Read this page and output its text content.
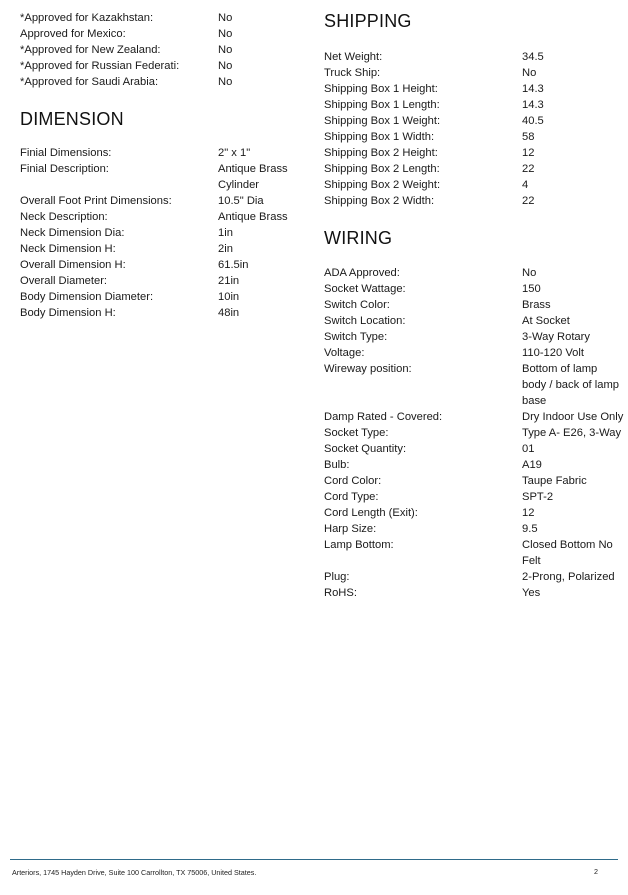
*Approved for Kazakhstan:	No
Approved for Mexico:	No
*Approved for New Zealand:	No
*Approved for Russian Federati:	No
*Approved for Saudi Arabia:	No
DIMENSION
Finial Dimensions:	2" x 1"
Finial Description:	Antique Brass Cylinder
Overall Foot Print Dimensions:	10.5" Dia
Neck Description:	Antique Brass
Neck Dimension Dia:	1in
Neck Dimension H:	2in
Overall Dimension H:	61.5in
Overall Diameter:	21in
Body Dimension Diameter:	10in
Body Dimension H:	48in
SHIPPING
Net Weight:	34.5
Truck Ship:	No
Shipping Box 1 Height:	14.3
Shipping Box 1 Length:	14.3
Shipping Box 1 Weight:	40.5
Shipping Box 1 Width:	58
Shipping Box 2 Height:	12
Shipping Box 2 Length:	22
Shipping Box 2 Weight:	4
Shipping Box 2 Width:	22
WIRING
ADA Approved:	No
Socket Wattage:	150
Switch Color:	Brass
Switch Location:	At Socket
Switch Type:	3-Way Rotary
Voltage:	110-120 Volt
Wireway position:	Bottom of lamp body / back of lamp base
Damp Rated - Covered:	Dry Indoor Use Only
Socket Type:	Type A- E26, 3-Way
Socket Quantity:	01
Bulb:	A19
Cord Color:	Taupe Fabric
Cord Type:	SPT-2
Cord Length (Exit):	12
Harp Size:	9.5
Lamp Bottom:	Closed Bottom No Felt
Plug:	2-Prong, Polarized
RoHS:	Yes
Arteriors, 1745 Hayden Drive, Suite 100 Carrollton, TX 75006, United States.	2
